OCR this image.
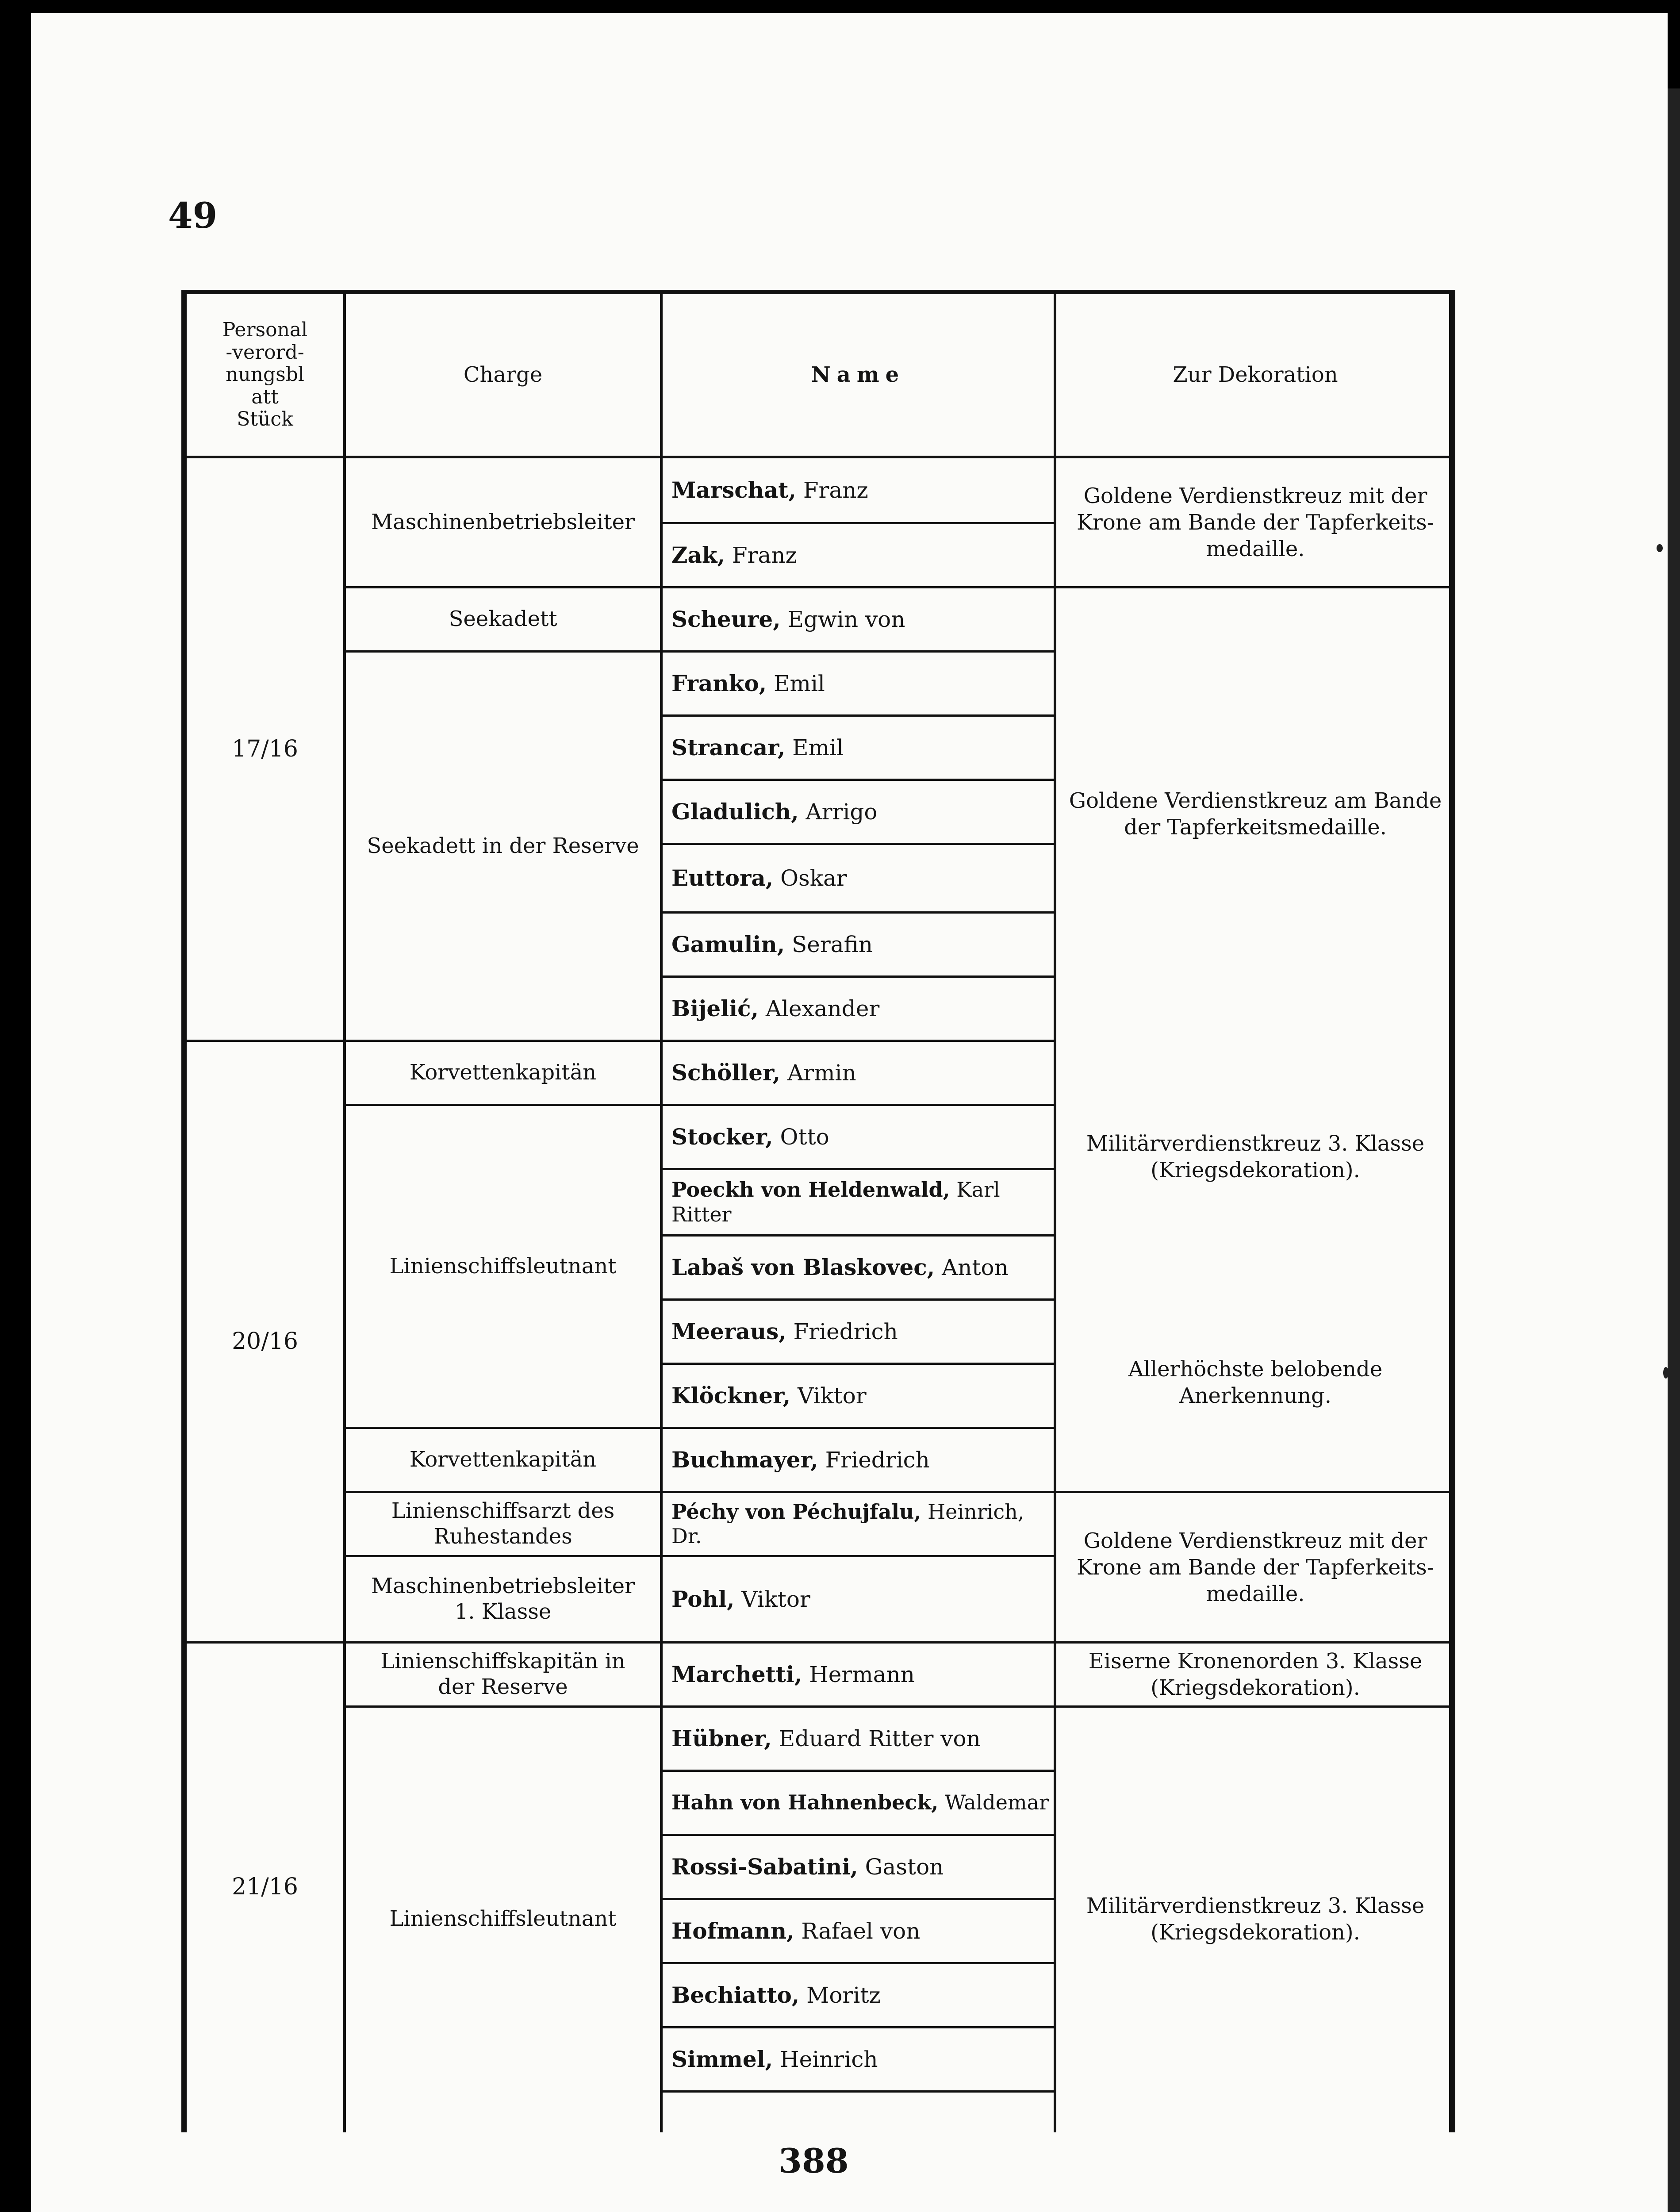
49
388
Personal-verord-nungsblatt Stück
Charge	Name	Zur Dekoration
17/16
20/16
21/16
Maschinenbetriebsleiter
Seekadett
Seekadett in der Reserve
Korvettenkapitän
Linienschiffsleutnant
Korvettenkapitän
Linienschiffsarzt des Ruhestandes
Maschinenbetriebsleiter 1. Klasse
Linienschiffskapitän in der Reserve
Linienschiffsleutnant
Marschat, Franz
Zak, Franz
Scheure, Egwin von
Franko, Emil
Strancar, Emil
Gladulich, Arrigo
Euttora, Oskar
Gamulin, Serafin
Bijelić, Alexander
Schöller, Armin
Stocker, Otto
Poeckh von Heldenwald, Karl Ritter
Labaš von Blaskovec, Anton
Meeraus, Friedrich
Klöckner, Viktor
Buchmayer, Friedrich
Péchy von Péchujfalu, Heinrich, Dr.
Pohl, Viktor
Marchetti, Hermann
Hübner, Eduard Ritter von
Hahn von Hahnenbeck, Waldemar
Rossi-Sabatini, Gaston
Hofmann, Rafael von
Bechiatto, Moritz
Simmel, Heinrich
Goldene Verdienstkreuz mit der Krone am Bande der Tapferkeits-medaille.
Goldene Verdienstkreuz am Bande der Tapferkeitsmedaille.
Militärverdienstkreuz 3. Klasse (Kriegsdekoration).
Allerhöchste belobende Anerkennung.
Goldene Verdienstkreuz mit der Krone am Bande der Tapferkeits-medaille.
Eiserne Kronenorden 3. Klasse (Kriegsdekoration).
Militärverdienstkreuz 3. Klasse (Kriegsdekoration).
